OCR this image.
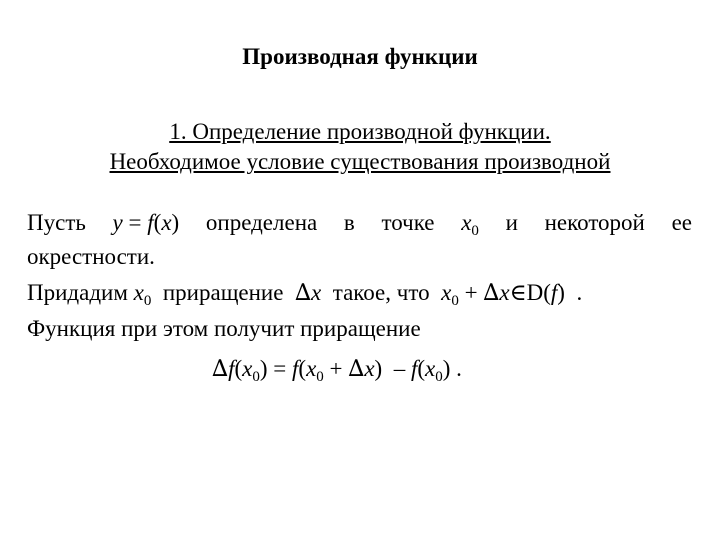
Производная функции
1. Определение производной функции.
Необходимое условие существования производной
Пусть y = f(x) определена в точке $x_0$ и некоторой ее
окрестности.
Придадим $x_0$  приращение  ∆x  такое, что  $x_0$ + ∆x∈D(f)  .
Функция при этом получит приращение
$\Delta f(x_0) = f(x_0 + \Delta x) - f(x_0)$ .
